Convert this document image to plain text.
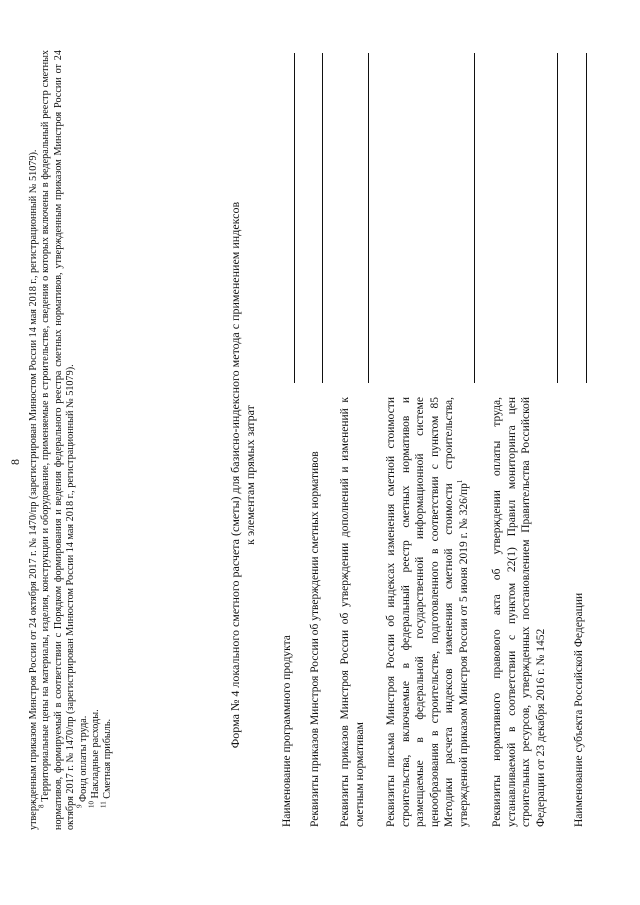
8 утвержденным приказом Минстроя России от 24 октября 2017 г. № 1470/пр (зарегистрирован Минюстом России 14 мая 2018 г., регистрационный № 51079). $^8$ Территориальные цены на материалы, изделия, конструкции и оборудование, применяемые в строительстве, сведения о которых включены в федеральный реестр сметных нормативов, формируемый в соответствии с Порядком формирования и ведения федерального реестра сметных нормативов, утвержденным приказом Минстроя России от 24 октября 2017 г. № 1470/пр (зарегистрирован Минюстом России 14 мая 2018 г., регистрационный № 51079). $^9$ Фонд оплаты труда.

$^{10}$ Накладные расходы.

$^{11}$ Сметная прибыль.

Форма № 4 локального сметного расчета (сметы) для базисно-индексного метода с применением индексов к элементам прямых затрат
Наименование программного продукта Реквизиты приказов Минстроя России об утверждении сметных нормативов Реквизиты приказов Минстроя России об утверждении дополнений и изменений к сметным нормативам Реквизиты письма Минстроя России об индексах изменения сметной стоимости строительства, включаемые в федеральный реестр сметных нормативов и размещаемые в федеральной государственной информационной системе ценообразования в строительстве, подготовленного в соответствии с пунктом 85 Методики расчета индексов изменения сметной стоимости строительства, утвержденной приказом Минстроя России от 5 июня 2019 г. № $326/пр^1$	Реквизиты нормативного правового акта об утверждении оплаты труда, устанавливаемой в соответствии с пунктом 22(1) Правил мониторинга цен строительных ресурсов, утвержденных постановлением Правительства Российской Федерации от 23 декабря 2016 г. № 1452 Наименование субъекта Российской Федерации
